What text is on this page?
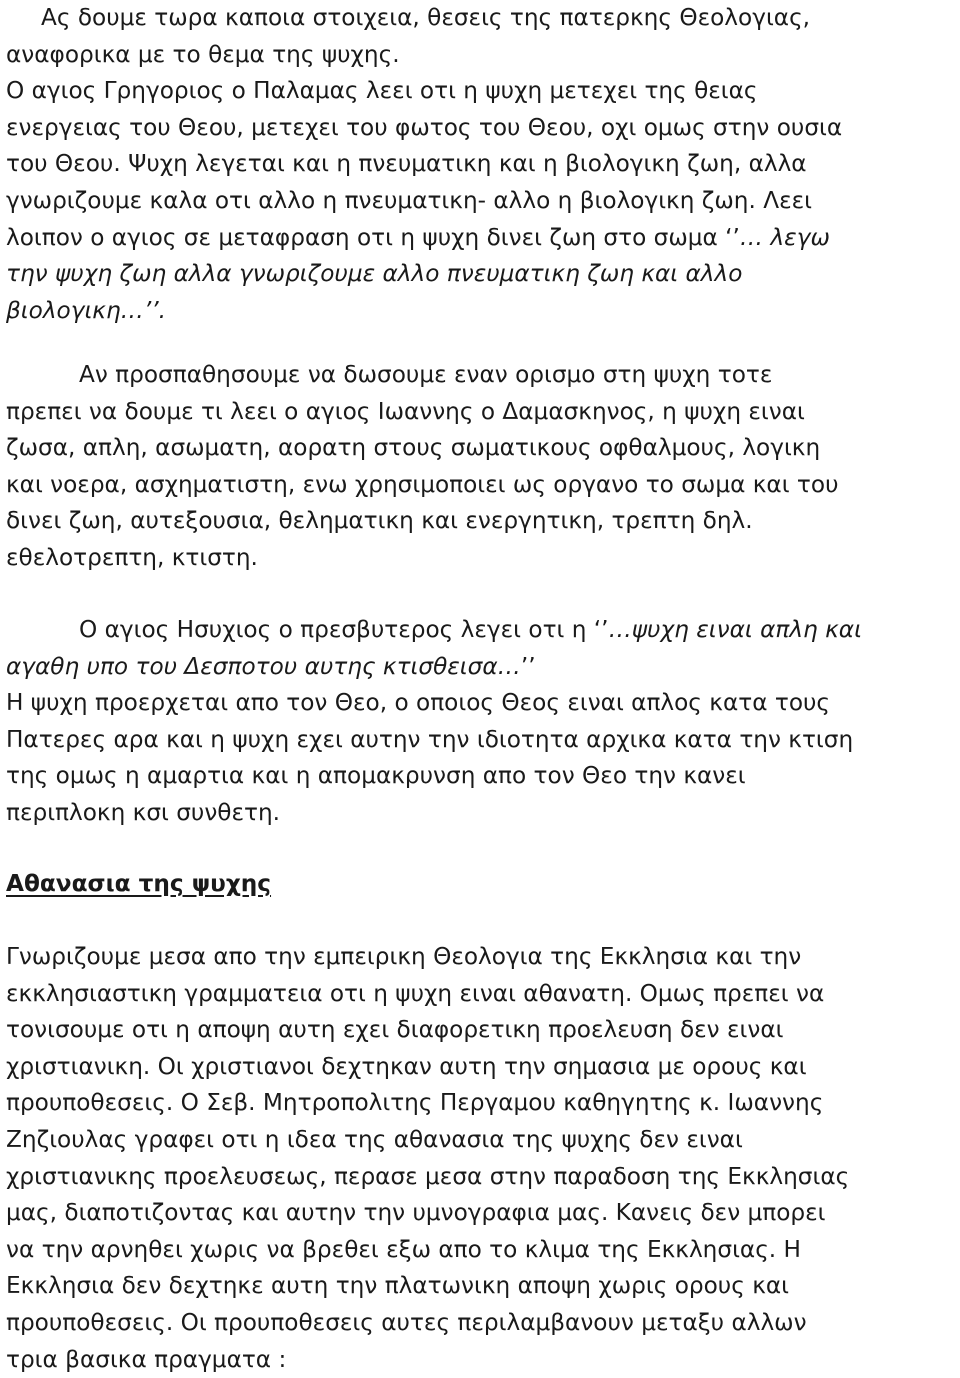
Ας δουμε τωρα καποια στοιχεια, θεσεις της πατερκης Θεολογιας,
αναφορικα με το θεμα της ψυχης.
Ο αγιος Γρηγοριος ο Παλαμας λεει οτι η ψυχη μετεχει της θειας
ενεργειας του Θεου, μετεχει του φωτος του Θεου, οχι ομως στην ουσια
του Θεου. Ψυχη λεγεται και η πνευματικη και η βιολογικη ζωη, αλλα
γνωριζουμε καλα οτι αλλο η πνευματικη- αλλο η βιολογικη ζωη. Λεει
λοιπον ο αγιος σε μεταφραση οτι η ψυχη δινει ζωη στο σωμα ‘’… λεγω
την ψυχη ζωη αλλα γνωριζουμε αλλο πνευματικη ζωη και αλλο
βιολογικη…’’.
Αν προσπαθησουμε να δωσουμε εναν ορισμο στη ψυχη τοτε
πρεπει να δουμε τι λεει ο αγιος Ιωαννης ο Δαμασκηνος, η ψυχη ειναι
ζωσα, απλη, ασωματη, αορατη στους σωματικους οφθαλμους, λογικη
και νοερα, ασχηματιστη, ενω χρησιμοποιει ως οργανο το σωμα και του
δινει ζωη, αυτεξουσια, θεληματικη και ενεργητικη, τρεπτη δηλ.
εθελοτρεπτη, κτιστη.
Ο αγιος Ησυχιος ο πρεσβυτερος λεγει οτι η ‘’…ψυχη ειναι απλη και
αγαθη υπο του Δεσποτου αυτης κτισθεισα…’’
Η ψυχη προερχεται απο τον Θεο, ο οποιος Θεος ειναι απλος κατα τους
Πατερες αρα και η ψυχη εχει αυτην την ιδιοτητα αρχικα κατα την κτιση
της ομως η αμαρτια και η απομακρυνση απο τον Θεο την κανει
περιπλοκη κσι συνθετη.
Αθανασια της ψυχης
Γνωριζουμε μεσα απο την εμπειρικη Θεολογια της Εκκλησια και την
εκκλησιαστικη γραμματεια οτι η ψυχη ειναι αθανατη. Ομως πρεπει να
τονισουμε οτι η αποψη αυτη εχει διαφορετικη προελευση δεν ειναι
χριστιανικη. Οι χριστιανοι δεχτηκαν αυτη την σημασια με ορους και
προυποθεσεις. Ο Σεβ. Μητροπολιτης Περγαμου καθηγητης κ. Ιωαννης
Ζηζιουλας γραφει οτι η ιδεα της αθανασια της ψυχης δεν ειναι
χριστιανικης προελευσεως, περασε μεσα στην παραδοση της Εκκλησιας
μας, διαποτιζοντας και αυτην την υμνογραφια μας. Κανεις δεν μπορει
να την αρνηθει χωρις να βρεθει εξω απο το κλιμα της Εκκλησιας. Η
Εκκλησια δεν δεχτηκε αυτη την πλατωνικη αποψη χωρις ορους και
προυποθεσεις. Οι προυποθεσεις αυτες περιλαμβανουν μεταξυ αλλων
τρια βασικα πραγματα :
